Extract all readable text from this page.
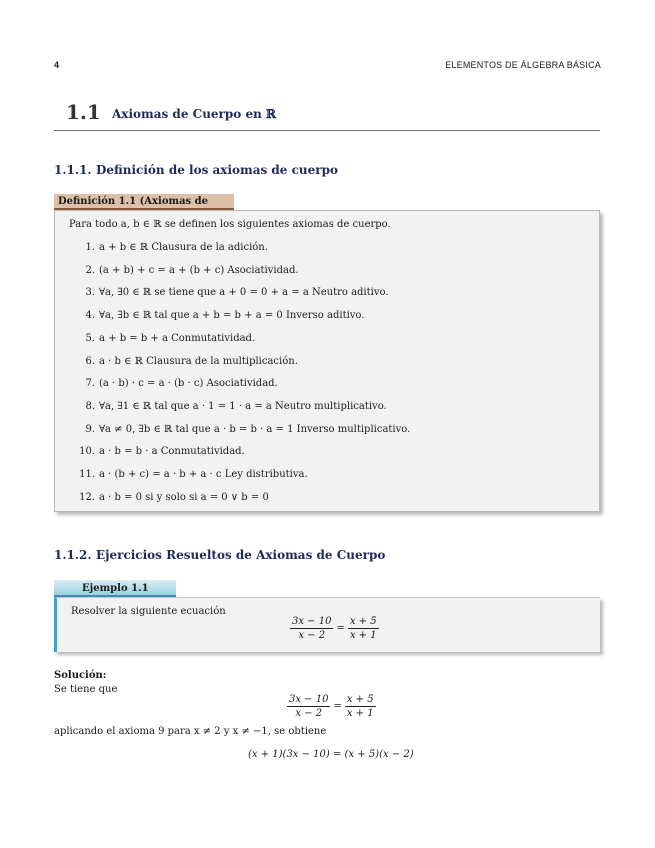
4	ELEMENTOS DE ÁLGEBRA BÁSICA
1.1 Axiomas de Cuerpo en ℝ
1.1.1. Definición de los axiomas de cuerpo
Definición 1.1 (Axiomas de
Para todo a, b ∈ ℝ se definen los siguientes axiomas de cuerpo.
1. a + b ∈ ℝ Clausura de la adición.
2. (a + b) + c = a + (b + c) Asociatividad.
3. ∀a, ∃0 ∈ ℝ se tiene que a + 0 = 0 + a = a Neutro aditivo.
4. ∀a, ∃b ∈ ℝ tal que a + b = b + a = 0 Inverso aditivo.
5. a + b = b + a Conmutatividad.
6. a · b ∈ ℝ Clausura de la multiplicación.
7. (a · b) · c = a · (b · c) Asociatividad.
8. ∀a, ∃1 ∈ ℝ tal que a · 1 = 1 · a = a Neutro multiplicativo.
9. ∀a ≠ 0, ∃b ∈ ℝ tal que a · b = b · a = 1 Inverso multiplicativo.
10. a · b = b · a Conmutatividad.
11. a · (b + c) = a · b + a · c Ley distributiva.
12. a · b = 0 si y solo si a = 0 ∨ b = 0
1.1.2. Ejercicios Resueltos de Axiomas de Cuerpo
Ejemplo 1.1
Resolver la siguiente ecuación
$\frac{3x - 10}{x - 2} = \frac{x + 5}{x + 1}$
Solución:
Se tiene que
$\frac{3x - 10}{x - 2} = \frac{x + 5}{x + 1}$
aplicando el axioma 9 para x ≠ 2 y x ≠ −1, se obtiene
(x + 1)(3x − 10) = (x + 5)(x − 2)
